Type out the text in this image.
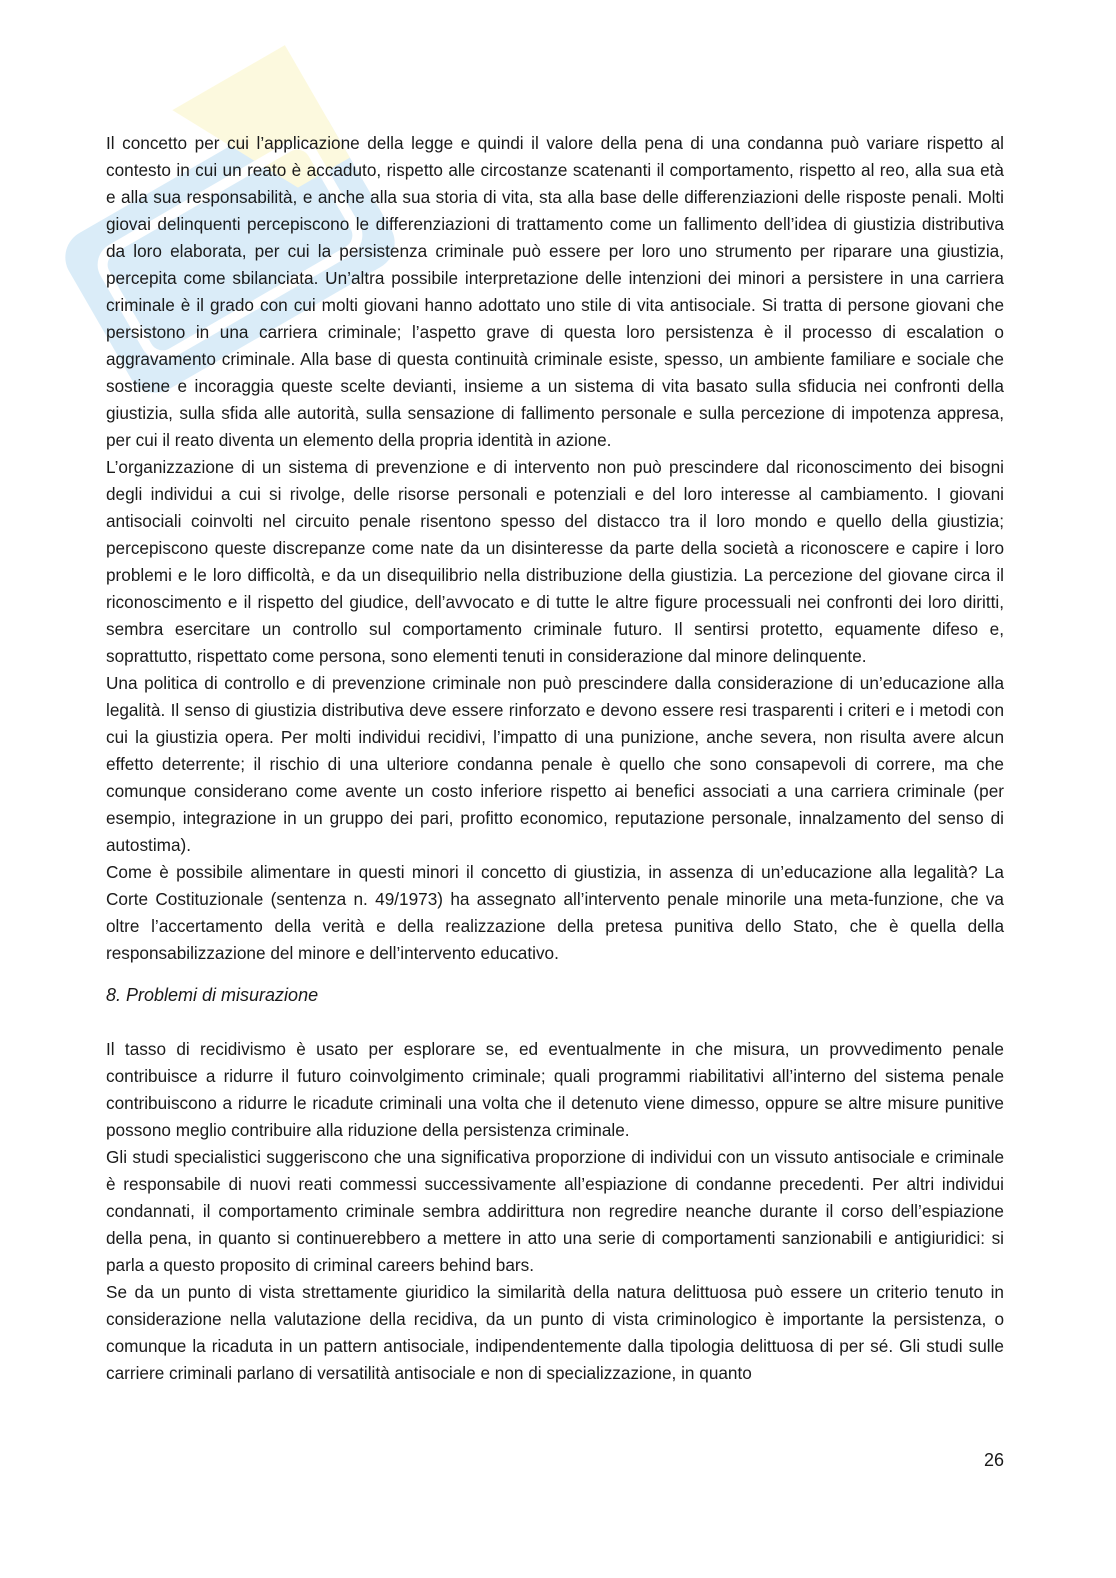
Il concetto per cui l’applicazione della legge e quindi il valore della pena di una condanna può variare rispetto al contesto in cui un reato è accaduto, rispetto alle circostanze scatenanti il comportamento, rispetto al reo, alla sua età e alla sua responsabilità, e anche alla sua storia di vita, sta alla base delle differenziazioni delle risposte penali. Molti giovai delinquenti percepiscono le differenziazioni di trattamento come un fallimento dell’idea di giustizia distributiva da loro elaborata, per cui la persistenza criminale può essere per loro uno strumento per riparare una giustizia, percepita come sbilanciata. Un’altra possibile interpretazione delle intenzioni dei minori a persistere in una carriera criminale è il grado con cui molti giovani hanno adottato uno stile di vita antisociale. Si tratta di persone giovani che persistono in una carriera criminale; l’aspetto grave di questa loro persistenza è il processo di escalation o aggravamento criminale. Alla base di questa continuità criminale esiste, spesso, un ambiente familiare e sociale che sostiene e incoraggia queste scelte devianti, insieme a un sistema di vita basato sulla sfiducia nei confronti della giustizia, sulla sfida alle autorità, sulla sensazione di fallimento personale e sulla percezione di impotenza appresa, per cui il reato diventa un elemento della propria identità in azione.

L’organizzazione di un sistema di prevenzione e di intervento non può prescindere dal riconoscimento dei bisogni degli individui a cui si rivolge, delle risorse personali e potenziali e del loro interesse al cambiamento. I giovani antisociali coinvolti nel circuito penale risentono spesso del distacco tra il loro mondo e quello della giustizia; percepiscono queste discrepanze come nate da un disinteresse da parte della società a riconoscere e capire i loro problemi e le loro difficoltà, e da un disequilibrio nella distribuzione della giustizia. La percezione del giovane circa il riconoscimento e il rispetto del giudice, dell’avvocato e di tutte le altre figure processuali nei confronti dei loro diritti, sembra esercitare un controllo sul comportamento criminale futuro. Il sentirsi protetto, equamente difeso e, soprattutto, rispettato come persona, sono elementi tenuti in considerazione dal minore delinquente.

Una politica di controllo e di prevenzione criminale non può prescindere dalla considerazione di un’educazione alla legalità. Il senso di giustizia distributiva deve essere rinforzato e devono essere resi trasparenti i criteri e i metodi con cui la giustizia opera. Per molti individui recidivi, l’impatto di una punizione, anche severa, non risulta avere alcun effetto deterrente; il rischio di una ulteriore condanna penale è quello che sono consapevoli di correre, ma che comunque considerano come avente un costo inferiore rispetto ai benefici associati a una carriera criminale (per esempio, integrazione in un gruppo dei pari, profitto economico, reputazione personale, innalzamento del senso di autostima).

Come è possibile alimentare in questi minori il concetto di giustizia, in assenza di un’educazione alla legalità? La Corte Costituzionale (sentenza n. 49/1973) ha assegnato all’intervento penale minorile una meta-funzione, che va oltre l’accertamento della verità e della realizzazione della pretesa punitiva dello Stato, che è quella della responsabilizzazione del minore e dell’intervento educativo.

8. Problemi di misurazione

Il tasso di recidivismo è usato per esplorare se, ed eventualmente in che misura, un provvedimento penale contribuisce a ridurre il futuro coinvolgimento criminale; quali programmi riabilitativi all’interno del sistema penale contribuiscono a ridurre le ricadute criminali una volta che il detenuto viene dimesso, oppure se altre misure punitive possono meglio contribuire alla riduzione della persistenza criminale.

Gli studi specialistici suggeriscono che una significativa proporzione di individui con un vissuto antisociale e criminale è responsabile di nuovi reati commessi successivamente all’espiazione di condanne precedenti. Per altri individui condannati, il comportamento criminale sembra addirittura non regredire neanche durante il corso dell’espiazione della pena, in quanto si continuerebbero a mettere in atto una serie di comportamenti sanzionabili e antigiuridici: si parla a questo proposito di criminal careers behind bars.

Se da un punto di vista strettamente giuridico la similarità della natura delittuosa può essere un criterio tenuto in considerazione nella valutazione della recidiva, da un punto di vista criminologico è importante la persistenza, o comunque la ricaduta in un pattern antisociale, indipendentemente dalla tipologia delittuosa di per sé. Gli studi sulle carriere criminali parlano di versatilità antisociale e non di specializzazione, in quanto

26
